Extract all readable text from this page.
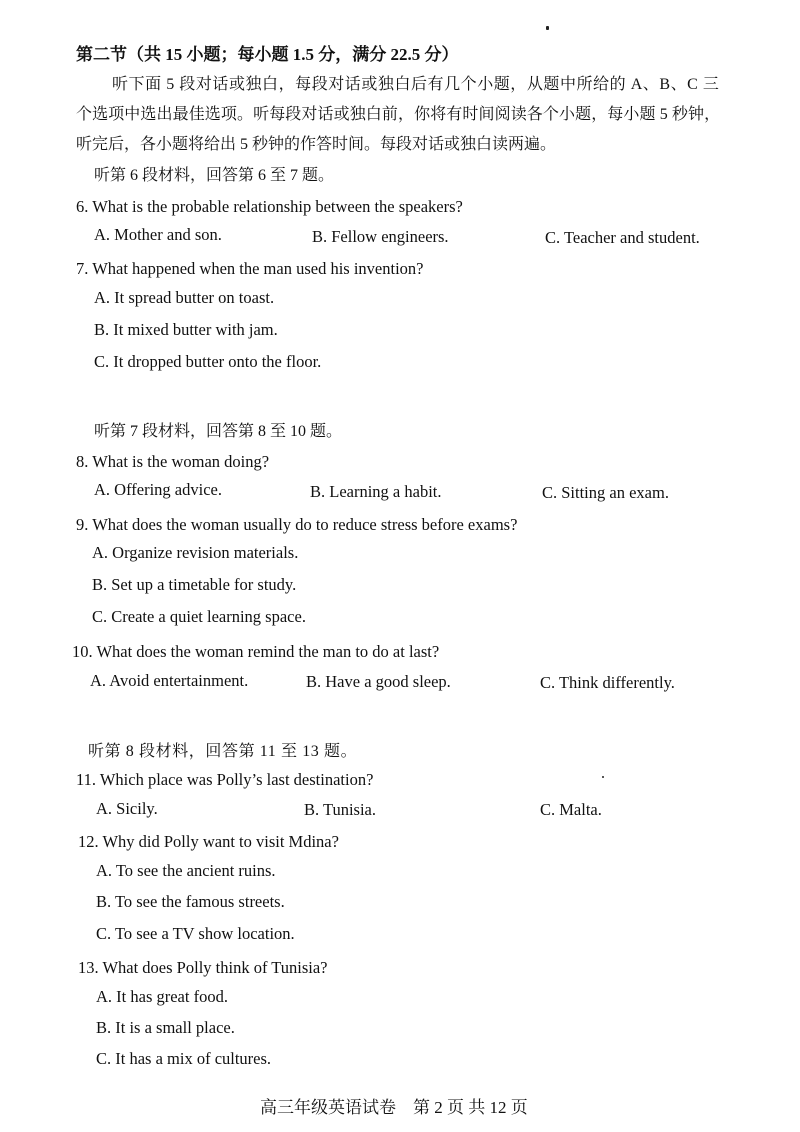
第二节（共 15 小题；每小题 1.5 分，满分 22.5 分）
听下面 5 段对话或独白，每段对话或独白后有几个小题，从题中所给的 A、B、C 三
个选项中选出最佳选项。听每段对话或独白前，你将有时间阅读各个小题，每小题 5 秒钟，
听完后，各小题将给出 5 秒钟的作答时间。每段对话或独白读两遍。
听第 6 段材料，回答第 6 至 7 题。
6. What is the probable relationship between the speakers?
A. Mother and son.	B. Fellow engineers.	C. Teacher and student.
7. What happened when the man used his invention?
A. It spread butter on toast.
B. It mixed butter with jam.
C. It dropped butter onto the floor.
听第 7 段材料，回答第 8 至 10 题。
8. What is the woman doing?
A. Offering advice.	B. Learning a habit.	C. Sitting an exam.
9. What does the woman usually do to reduce stress before exams?
A. Organize revision materials.
B. Set up a timetable for study.
C. Create a quiet learning space.
10. What does the woman remind the man to do at last?
A. Avoid entertainment.	B. Have a good sleep.	C. Think differently.
听第 8 段材料，回答第 11 至 13 题。
11. Which place was Polly’s last destination?
A. Sicily.	B. Tunisia.	C. Malta.
12. Why did Polly want to visit Mdina?
A. To see the ancient ruins.
B. To see the famous streets.
C. To see a TV show location.
13. What does Polly think of Tunisia?
A. It has great food.
B. It is a small place.
C. It has a mix of cultures.
高三年级英语试卷　第 2 页 共 12 页
